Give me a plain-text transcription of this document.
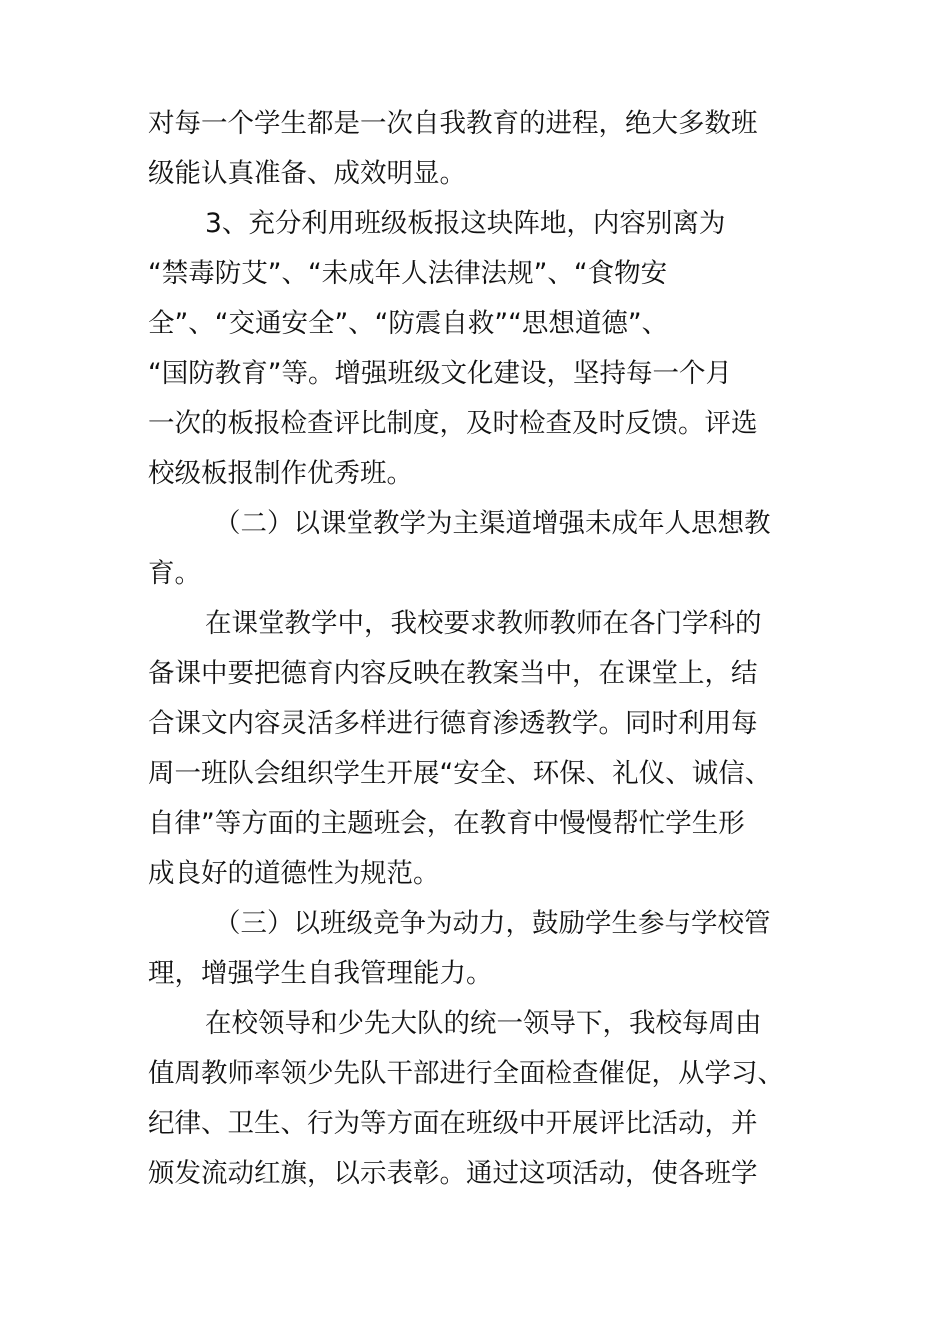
对每一个学生都是一次自我教育的进程，绝大多数班
级能认真准备、成效明显。
3、充分利用班级板报这块阵地，内容别离为
“禁毒防艾”、“未成年人法律法规”、“食物安
全”、“交通安全”、“防震自救”“思想道德”、
“国防教育”等。增强班级文化建设，坚持每一个月
一次的板报检查评比制度，及时检查及时反馈。评选
校级板报制作优秀班。
（二）以课堂教学为主渠道增强未成年人思想教
育。
在课堂教学中，我校要求教师教师在各门学科的
备课中要把德育内容反映在教案当中，在课堂上，结
合课文内容灵活多样进行德育渗透教学。同时利用每
周一班队会组织学生开展“安全、环保、礼仪、诚信、
自律”等方面的主题班会，在教育中慢慢帮忙学生形
成良好的道德性为规范。
（三）以班级竞争为动力，鼓励学生参与学校管
理，增强学生自我管理能力。
在校领导和少先大队的统一领导下，我校每周由
值周教师率领少先队干部进行全面检查催促，从学习、
纪律、卫生、行为等方面在班级中开展评比活动，并
颁发流动红旗，以示表彰。通过这项活动，使各班学
